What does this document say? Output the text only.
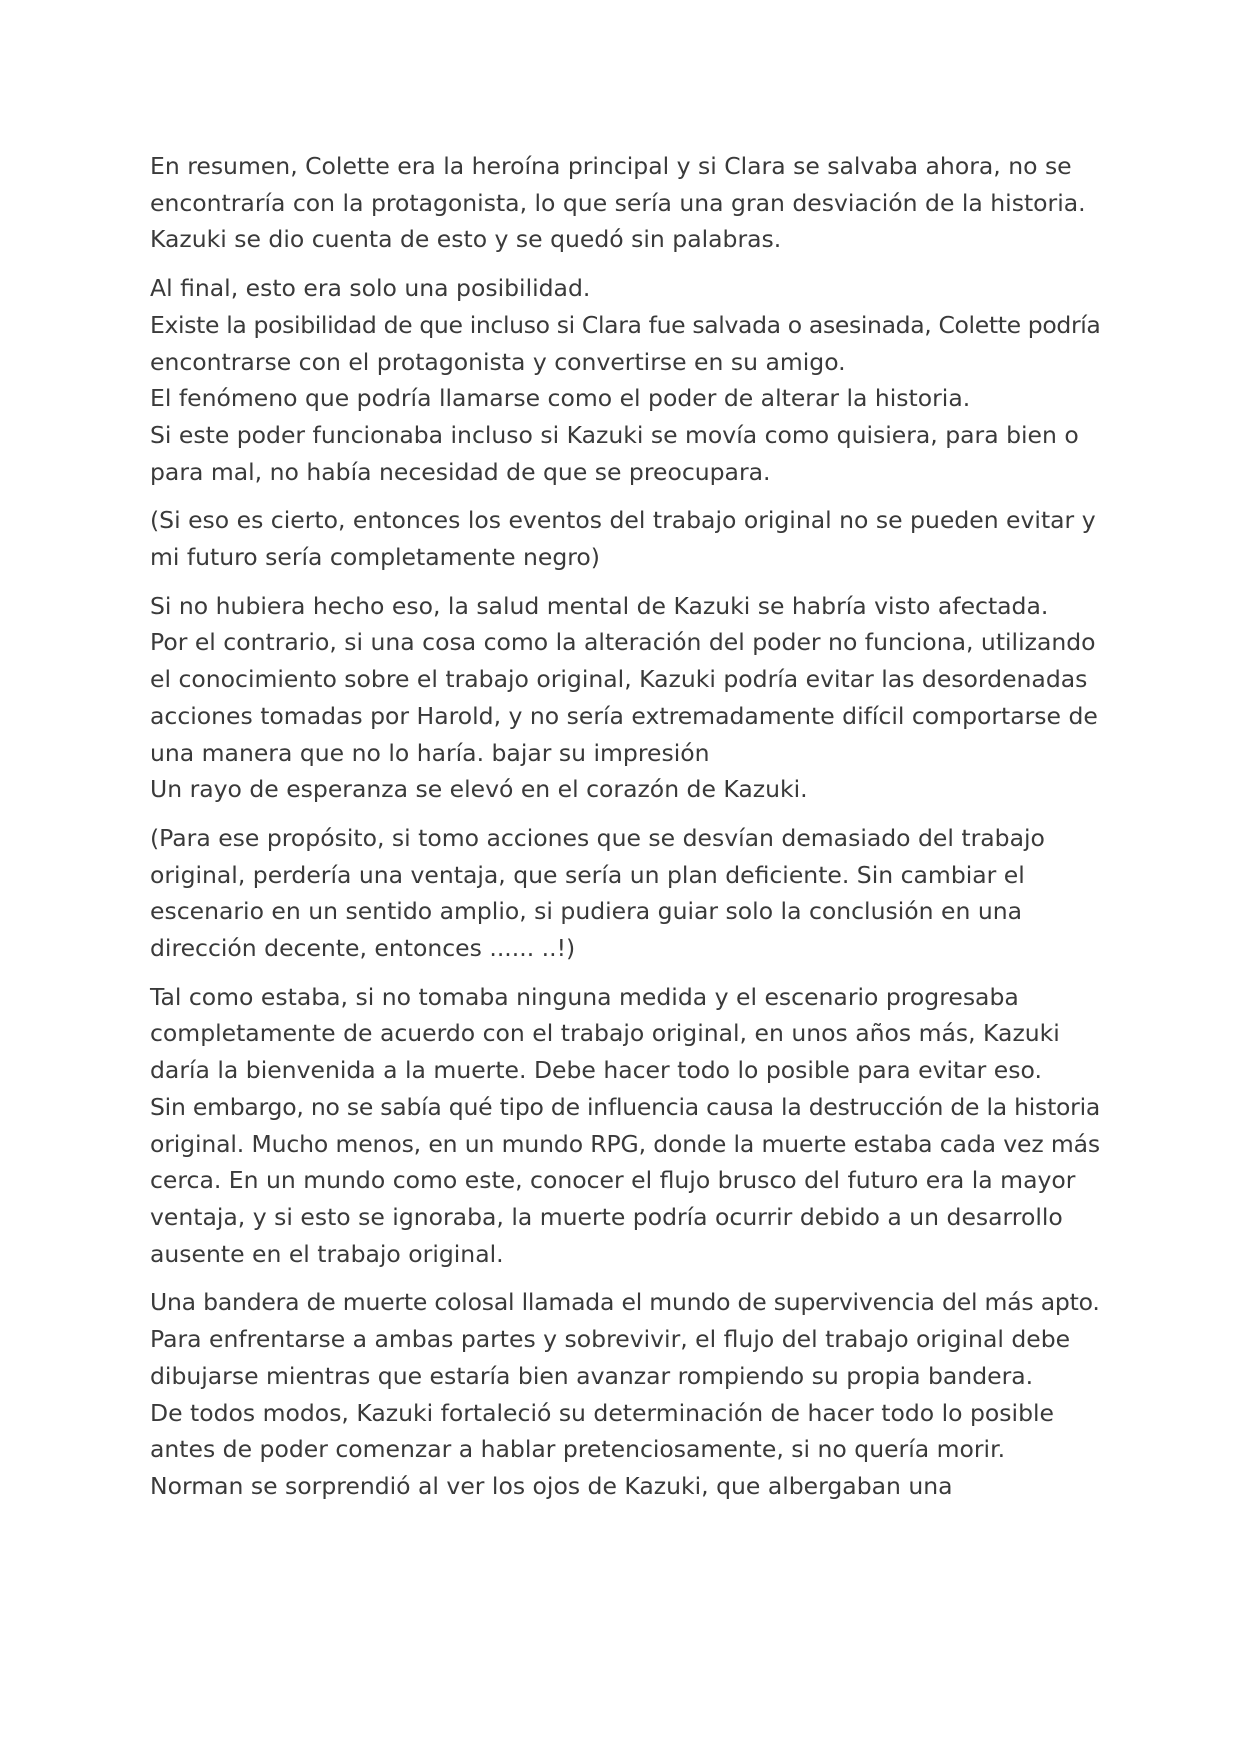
En resumen, Colette era la heroína principal y si Clara se salvaba ahora, no se
encontraría con la protagonista, lo que sería una gran desviación de la historia.
Kazuki se dio cuenta de esto y se quedó sin palabras.

Al final, esto era solo una posibilidad.
Existe la posibilidad de que incluso si Clara fue salvada o asesinada, Colette podría
encontrarse con el protagonista y convertirse en su amigo.
El fenómeno que podría llamarse como el poder de alterar la historia.
Si este poder funcionaba incluso si Kazuki se movía como quisiera, para bien o
para mal, no había necesidad de que se preocupara.

(Si eso es cierto, entonces los eventos del trabajo original no se pueden evitar y
mi futuro sería completamente negro)

Si no hubiera hecho eso, la salud mental de Kazuki se habría visto afectada.
Por el contrario, si una cosa como la alteración del poder no funciona, utilizando
el conocimiento sobre el trabajo original, Kazuki podría evitar las desordenadas
acciones tomadas por Harold, y no sería extremadamente difícil comportarse de
una manera que no lo haría. bajar su impresión
Un rayo de esperanza se elevó en el corazón de Kazuki.

(Para ese propósito, si tomo acciones que se desvían demasiado del trabajo
original, perdería una ventaja, que sería un plan deficiente. Sin cambiar el
escenario en un sentido amplio, si pudiera guiar solo la conclusión en una
dirección decente, entonces ...... ..!)

Tal como estaba, si no tomaba ninguna medida y el escenario progresaba
completamente de acuerdo con el trabajo original, en unos años más, Kazuki
daría la bienvenida a la muerte. Debe hacer todo lo posible para evitar eso.
Sin embargo, no se sabía qué tipo de influencia causa la destrucción de la historia
original. Mucho menos, en un mundo RPG, donde la muerte estaba cada vez más
cerca. En un mundo como este, conocer el flujo brusco del futuro era la mayor
ventaja, y si esto se ignoraba, la muerte podría ocurrir debido a un desarrollo
ausente en el trabajo original.

Una bandera de muerte colosal llamada el mundo de supervivencia del más apto.
Para enfrentarse a ambas partes y sobrevivir, el flujo del trabajo original debe
dibujarse mientras que estaría bien avanzar rompiendo su propia bandera.
De todos modos, Kazuki fortaleció su determinación de hacer todo lo posible
antes de poder comenzar a hablar pretenciosamente, si no quería morir.
Norman se sorprendió al ver los ojos de Kazuki, que albergaban una
